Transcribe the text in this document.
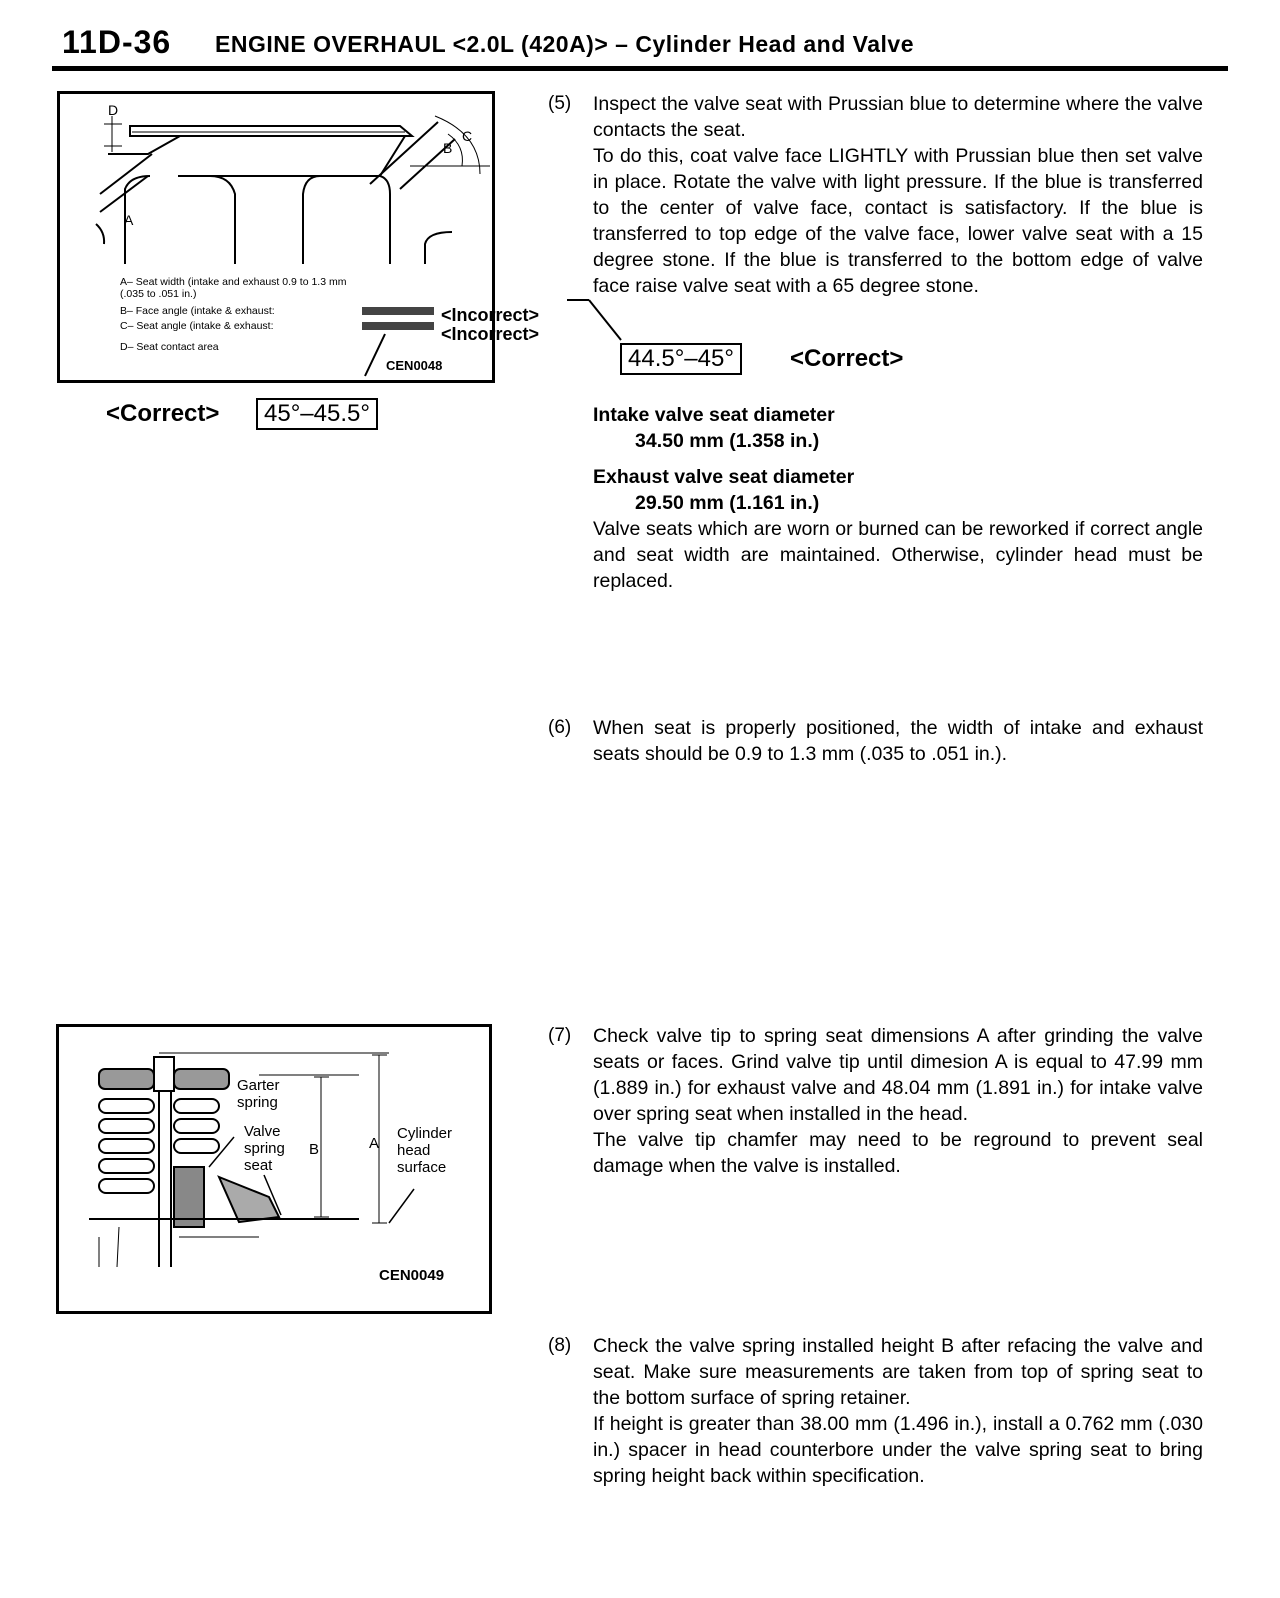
11D-36 ENGINE OVERHAUL <2.0L (420A)> – Cylinder Head and Valve
D
B
C
A
A– Seat width (intake and exhaust 0.9 to 1.3 mm
(.035 to .051 in.)
B– Face angle (intake & exhaust:
C– Seat angle (intake & exhaust:
D– Seat contact area
CEN0048
<Incorrect>
<Incorrect>
<Correct>	45°–45.5°
44.5°–45°	<Correct>
(5) Inspect the valve seat with Prussian blue to determine where the valve contacts the seat.

To do this, coat valve face LIGHTLY with Prussian blue then set valve in place. Rotate the valve with light pressure. If the blue is transferred to the center of valve face, contact is satisfactory. If the blue is transferred to top edge of the valve face, lower valve seat with a 15 degree stone. If the blue is transferred to the bottom edge of valve face raise valve seat with a 65 degree stone.

Intake valve seat diameter
34.50 mm (1.358 in.)
Exhaust valve seat diameter
29.50 mm (1.161 in.)
Valve seats which are worn or burned can be reworked if correct angle and seat width are maintained. Otherwise, cylinder head must be replaced.
(6) When seat is properly positioned, the width of intake and exhaust seats should be 0.9 to 1.3 mm (.035 to .051 in.).
Garter
spring
Valve
spring
seat
B	A
Cylinder
head
surface
CEN0049
(7) Check valve tip to spring seat dimensions A after grinding the valve seats or faces. Grind valve tip until dimesion A is equal to 47.99 mm (1.889 in.) for exhaust valve and 48.04 mm (1.891 in.) for intake valve over spring seat when installed in the head.

The valve tip chamfer may need to be reground to prevent seal damage when the valve is installed.

(8) Check the valve spring installed height B after refacing the valve and seat. Make sure measurements are taken from top of spring seat to the bottom surface of spring retainer.

If height is greater than 38.00 mm (1.496 in.), install a 0.762 mm (.030 in.) spacer in head counterbore under the valve spring seat to bring spring height back within specification.
